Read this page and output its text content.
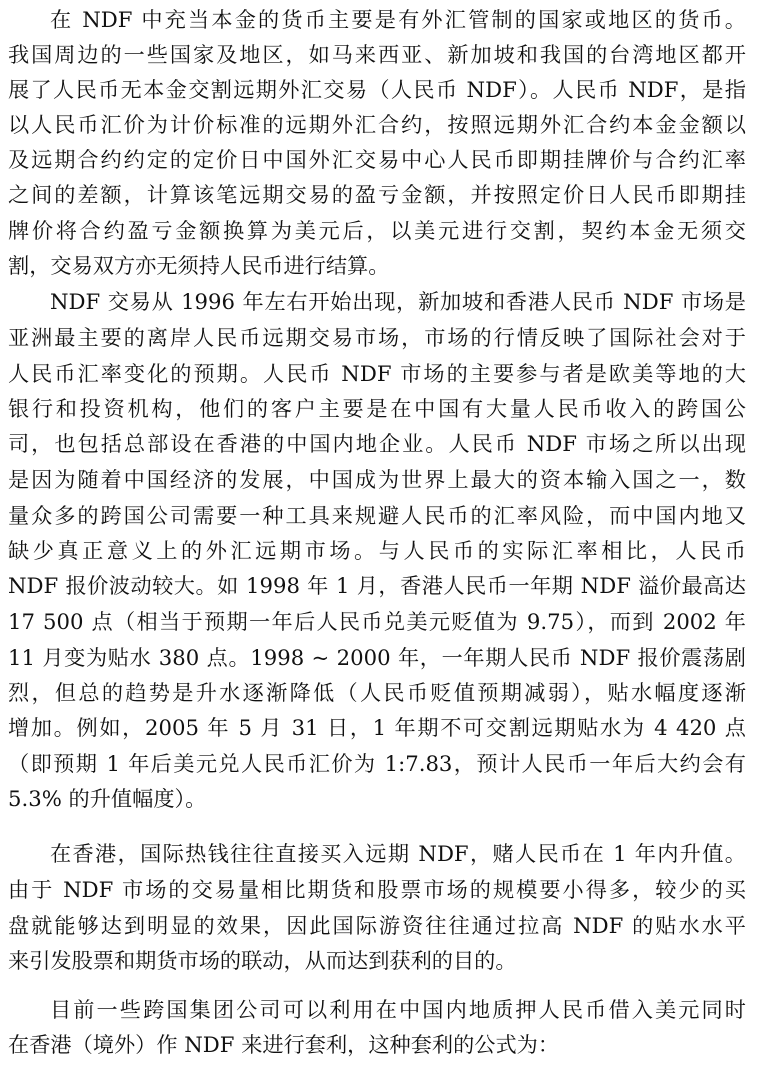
在 NDF 中充当本金的货币主要是有外汇管制的国家或地区的货币。
我国周边的一些国家及地区，如马来西亚、新加坡和我国的台湾地区都开
展了人民币无本金交割远期外汇交易（人民币 NDF）。人民币 NDF，是指
以人民币汇价为计价标准的远期外汇合约，按照远期外汇合约本金金额以
及远期合约约定的定价日中国外汇交易中心人民币即期挂牌价与合约汇率
之间的差额，计算该笔远期交易的盈亏金额，并按照定价日人民币即期挂
牌价将合约盈亏金额换算为美元后，以美元进行交割，契约本金无须交
割，交易双方亦无须持人民币进行结算。
NDF 交易从 1996 年左右开始出现，新加坡和香港人民币 NDF 市场是
亚洲最主要的离岸人民币远期交易市场，市场的行情反映了国际社会对于
人民币汇率变化的预期。人民币 NDF 市场的主要参与者是欧美等地的大
银行和投资机构，他们的客户主要是在中国有大量人民币收入的跨国公
司，也包括总部设在香港的中国内地企业。人民币 NDF 市场之所以出现
是因为随着中国经济的发展，中国成为世界上最大的资本输入国之一，数
量众多的跨国公司需要一种工具来规避人民币的汇率风险，而中国内地又
缺少真正意义上的外汇远期市场。与人民币的实际汇率相比，人民币
NDF 报价波动较大。如 1998 年 1 月，香港人民币一年期 NDF 溢价最高达
17 500 点（相当于预期一年后人民币兑美元贬值为 9.75），而到 2002 年
11 月变为贴水 380 点。1998 ~ 2000 年，一年期人民币 NDF 报价震荡剧
烈，但总的趋势是升水逐渐降低（人民币贬值预期减弱），贴水幅度逐渐
增加。例如，2005 年 5 月 31 日，1 年期不可交割远期贴水为 4 420 点
（即预期 1 年后美元兑人民币汇价为 1:7.83，预计人民币一年后大约会有
5.3% 的升值幅度）。
在香港，国际热钱往往直接买入远期 NDF，赌人民币在 1 年内升值。
由于 NDF 市场的交易量相比期货和股票市场的规模要小得多，较少的买
盘就能够达到明显的效果，因此国际游资往往通过拉高 NDF 的贴水水平
来引发股票和期货市场的联动，从而达到获利的目的。
目前一些跨国集团公司可以利用在中国内地质押人民币借入美元同时
在香港（境外）作 NDF 来进行套利，这种套利的公式为：
